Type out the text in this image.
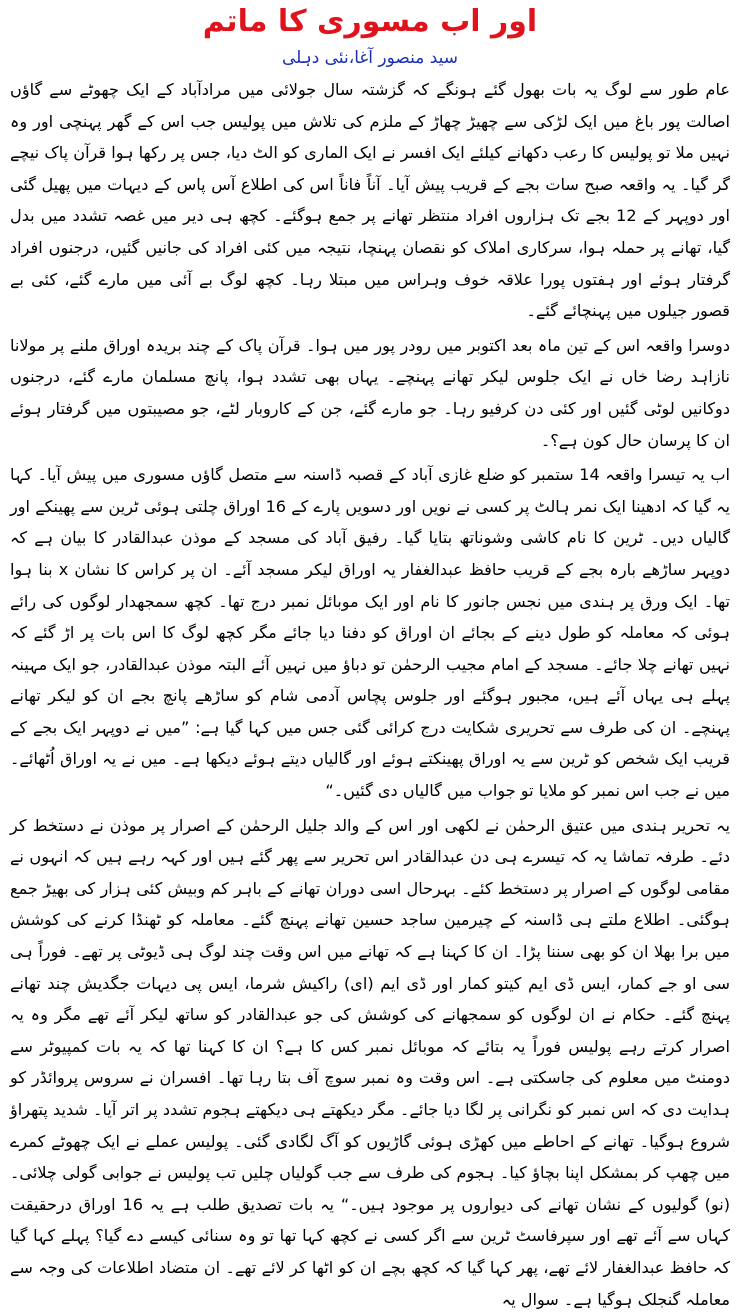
اور اب مسوری کا ماتم
سید منصور آغا،نئی دہلی

عام طور سے لوگ یہ بات بھول گئے ہونگے کہ گزشتہ سال جولائی میں مرادآباد کے ایک چھوٹے سے گاؤں اصالت پور باغ میں ایک لڑکی سے چھیڑ چھاڑ کے ملزم کی تلاش میں پولیس جب اس کے گھر پہنچی اور وہ نہیں ملا تو پولیس کا رعب دکھانے کیلئے ایک افسر نے ایک الماری کو الٹ دیا، جس پر رکھا ہوا قرآن پاک نیچے گر گیا۔ یہ واقعہ صبح سات بجے کے قریب پیش آیا۔ آناً فاناً اس کی اطلاع آس پاس کے دیہات میں پھیل گئی اور دوپہر کے 12 بجے تک ہزاروں افراد منتظر تھانے پر جمع ہوگئے۔ کچھ ہی دیر میں غصہ تشدد میں بدل گیا، تھانے پر حملہ ہوا، سرکاری املاک کو نقصان پہنچا، نتیجہ میں کئی افراد کی جانیں گئیں، درجنوں افراد گرفتار ہوئے اور ہفتوں پورا علاقہ خوف وہراس میں مبتلا رہا۔ کچھ لوگ بے آئی میں مارے گئے، کئی بے قصور جیلوں میں پہنچائے گئے۔

دوسرا واقعہ اس کے تین ماہ بعد اکتوبر میں رودر پور میں ہوا۔ قرآن پاک کے چند بریدہ اوراق ملنے پر مولانا نازاہد رضا خاں نے ایک جلوس لیکر تھانے پہنچے۔ یہاں بھی تشدد ہوا، پانچ مسلمان مارے گئے، درجنوں دوکانیں لوٹی گئیں اور کئی دن کرفیو رہا۔ جو مارے گئے، جن کے کاروبار لٹے، جو مصیبتوں میں گرفتار ہوئے ان کا پرسان حال کون ہے؟۔

اب یہ تیسرا واقعہ 14 ستمبر کو ضلع غازی آباد کے قصبہ ڈاسنہ سے متصل گاؤں مسوری میں پیش آیا۔ کہا یہ گیا کہ ادھینا ایک نمر ہالٹ پر کسی نے نویں اور دسویں پارے کے 16 اوراق چلتی ہوئی ٹرین سے پھینکے اور گالیاں دیں۔ ٹرین کا نام کاشی وشوناتھ بتایا گیا۔ رفیق آباد کی مسجد کے موذن عبدالقادر کا بیان ہے کہ دوپہر ساڑھے بارہ بجے کے قریب حافظ عبدالغفار یہ اوراق لیکر مسجد آئے۔ ان پر کراس کا نشان x بنا ہوا تھا۔ ایک ورق پر ہندی میں نجس جانور کا نام اور ایک موبائل نمبر درج تھا۔ کچھ سمجھدار لوگوں کی رائے ہوئی کہ معاملہ کو طول دینے کے بجائے ان اوراق کو دفنا دیا جائے مگر کچھ لوگ کا اس بات پر اڑ گئے کہ نہیں تھانے چلا جائے۔ مسجد کے امام مجیب الرحمٰن تو دباؤ میں نہیں آئے البتہ موذن عبدالقادر، جو ایک مہینہ پہلے ہی یہاں آئے ہیں، مجبور ہوگئے اور جلوس پچاس آدمی شام کو ساڑھے پانچ بجے ان کو لیکر تھانے پہنچے۔ ان کی طرف سے تحریری شکایت درج کرائی گئی جس میں کہا گیا ہے: ”میں نے دوپہر ایک بجے کے قریب ایک شخص کو ٹرین سے یہ اوراق پھینکتے ہوئے اور گالیاں دیتے ہوئے دیکھا ہے۔ میں نے یہ اوراق اُٹھائے۔ میں نے جب اس نمبر کو ملایا تو جواب میں گالیاں دی گئیں۔“

یہ تحریر ہندی میں عتیق الرحمٰن نے لکھی اور اس کے والد جلیل الرحمٰن کے اصرار پر موذن نے دستخط کر دئے۔ طرفہ تماشا یہ کہ تیسرے ہی دن عبدالقادر اس تحریر سے پھر گئے ہیں اور کہہ رہے ہیں کہ انہوں نے مقامی لوگوں کے اصرار پر دستخط کئے۔ بہرحال اسی دوران تھانے کے باہر کم وبیش کئی ہزار کی بھیڑ جمع ہوگئی۔ اطلاع ملتے ہی ڈاسنہ کے چیرمین ساجد حسین تھانے پہنچ گئے۔ معاملہ کو ٹھنڈا کرنے کی کوشش میں برا بھلا ان کو بھی سننا پڑا۔ ان کا کہنا ہے کہ تھانے میں اس وقت چند لوگ ہی ڈیوٹی پر تھے۔ فوراً ہی سی او جے کمار، ایس ڈی ایم کیتو کمار اور ڈی ایم (ای) راکیش شرما، ایس پی دیہات جگدیش چند تھانے پہنچ گئے۔ حکام نے ان لوگوں کو سمجھانے کی کوشش کی جو عبدالقادر کو ساتھ لیکر آئے تھے مگر وہ یہ اصرار کرتے رہے پولیس فوراً یہ بتائے کہ موبائل نمبر کس کا ہے؟ ان کا کہنا تھا کہ یہ بات کمپیوٹر سے دومنٹ میں معلوم کی جاسکتی ہے۔ اس وقت وہ نمبر سوچ آف بتا رہا تھا۔ افسران نے سروس پروائڈر کو ہدایت دی کہ اس نمبر کو نگرانی پر لگا دیا جائے۔ مگر دیکھتے ہی دیکھتے ہجوم تشدد پر اتر آیا۔ شدید پتھراؤ شروع ہوگیا۔ تھانے کے احاطے میں کھڑی ہوئی گاڑیوں کو آگ لگادی گئی۔ پولیس عملے نے ایک چھوٹے کمرے میں چھپ کر بمشکل اپنا بچاؤ کیا۔ ہجوم کی طرف سے جب گولیاں چلیں تب پولیس نے جوابی گولی چلائی۔ (نو) گولیوں کے نشان تھانے کی دیواروں پر موجود ہیں۔“ یہ بات تصدیق طلب ہے یہ 16 اوراق درحقیقت کہاں سے آئے تھے اور سپرفاسٹ ٹرین سے اگر کسی نے کچھ کہا تھا تو وہ سنائی کیسے دے گیا؟ پہلے کہا گیا کہ حافظ عبدالغفار لائے تھے، پھر کہا گیا کہ کچھ بچے ان کو اٹھا کر لائے تھے۔ ان متضاد اطلاعات کی وجہ سے معاملہ گنجلک ہوگیا ہے۔ سوال یہ
